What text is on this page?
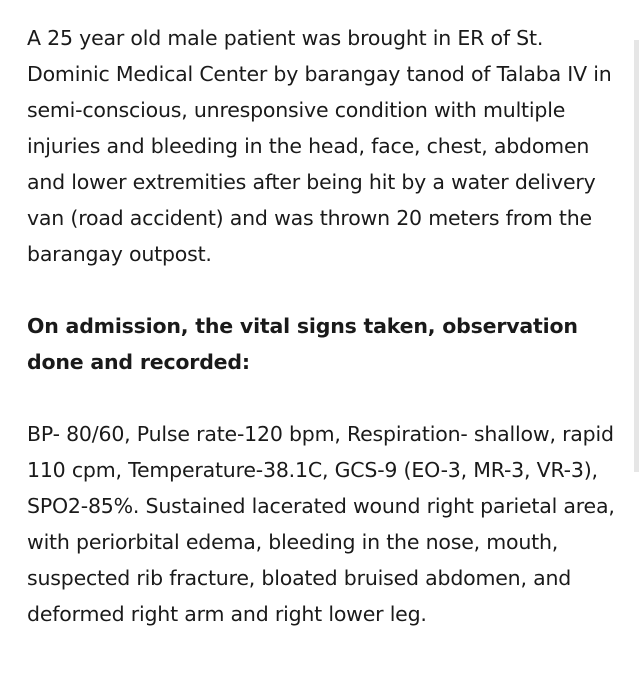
A 25 year old male patient was brought in ER of St. Dominic Medical Center by barangay tanod of Talaba IV in semi-conscious, unresponsive condition with multiple injuries and bleeding in the head, face, chest, abdomen and lower extremities after being hit by a water delivery van (road accident) and was thrown 20 meters from the barangay outpost.

On admission, the vital signs taken, observation done and recorded:

BP- 80/60, Pulse rate-120 bpm, Respiration- shallow, rapid 110 cpm, Temperature-38.1C, GCS-9 (EO-3, MR-3, VR-3), SPO2-85%. Sustained lacerated wound right parietal area, with periorbital edema, bleeding in the nose, mouth, suspected rib fracture, bloated bruised abdomen, and deformed right arm and right lower leg.
